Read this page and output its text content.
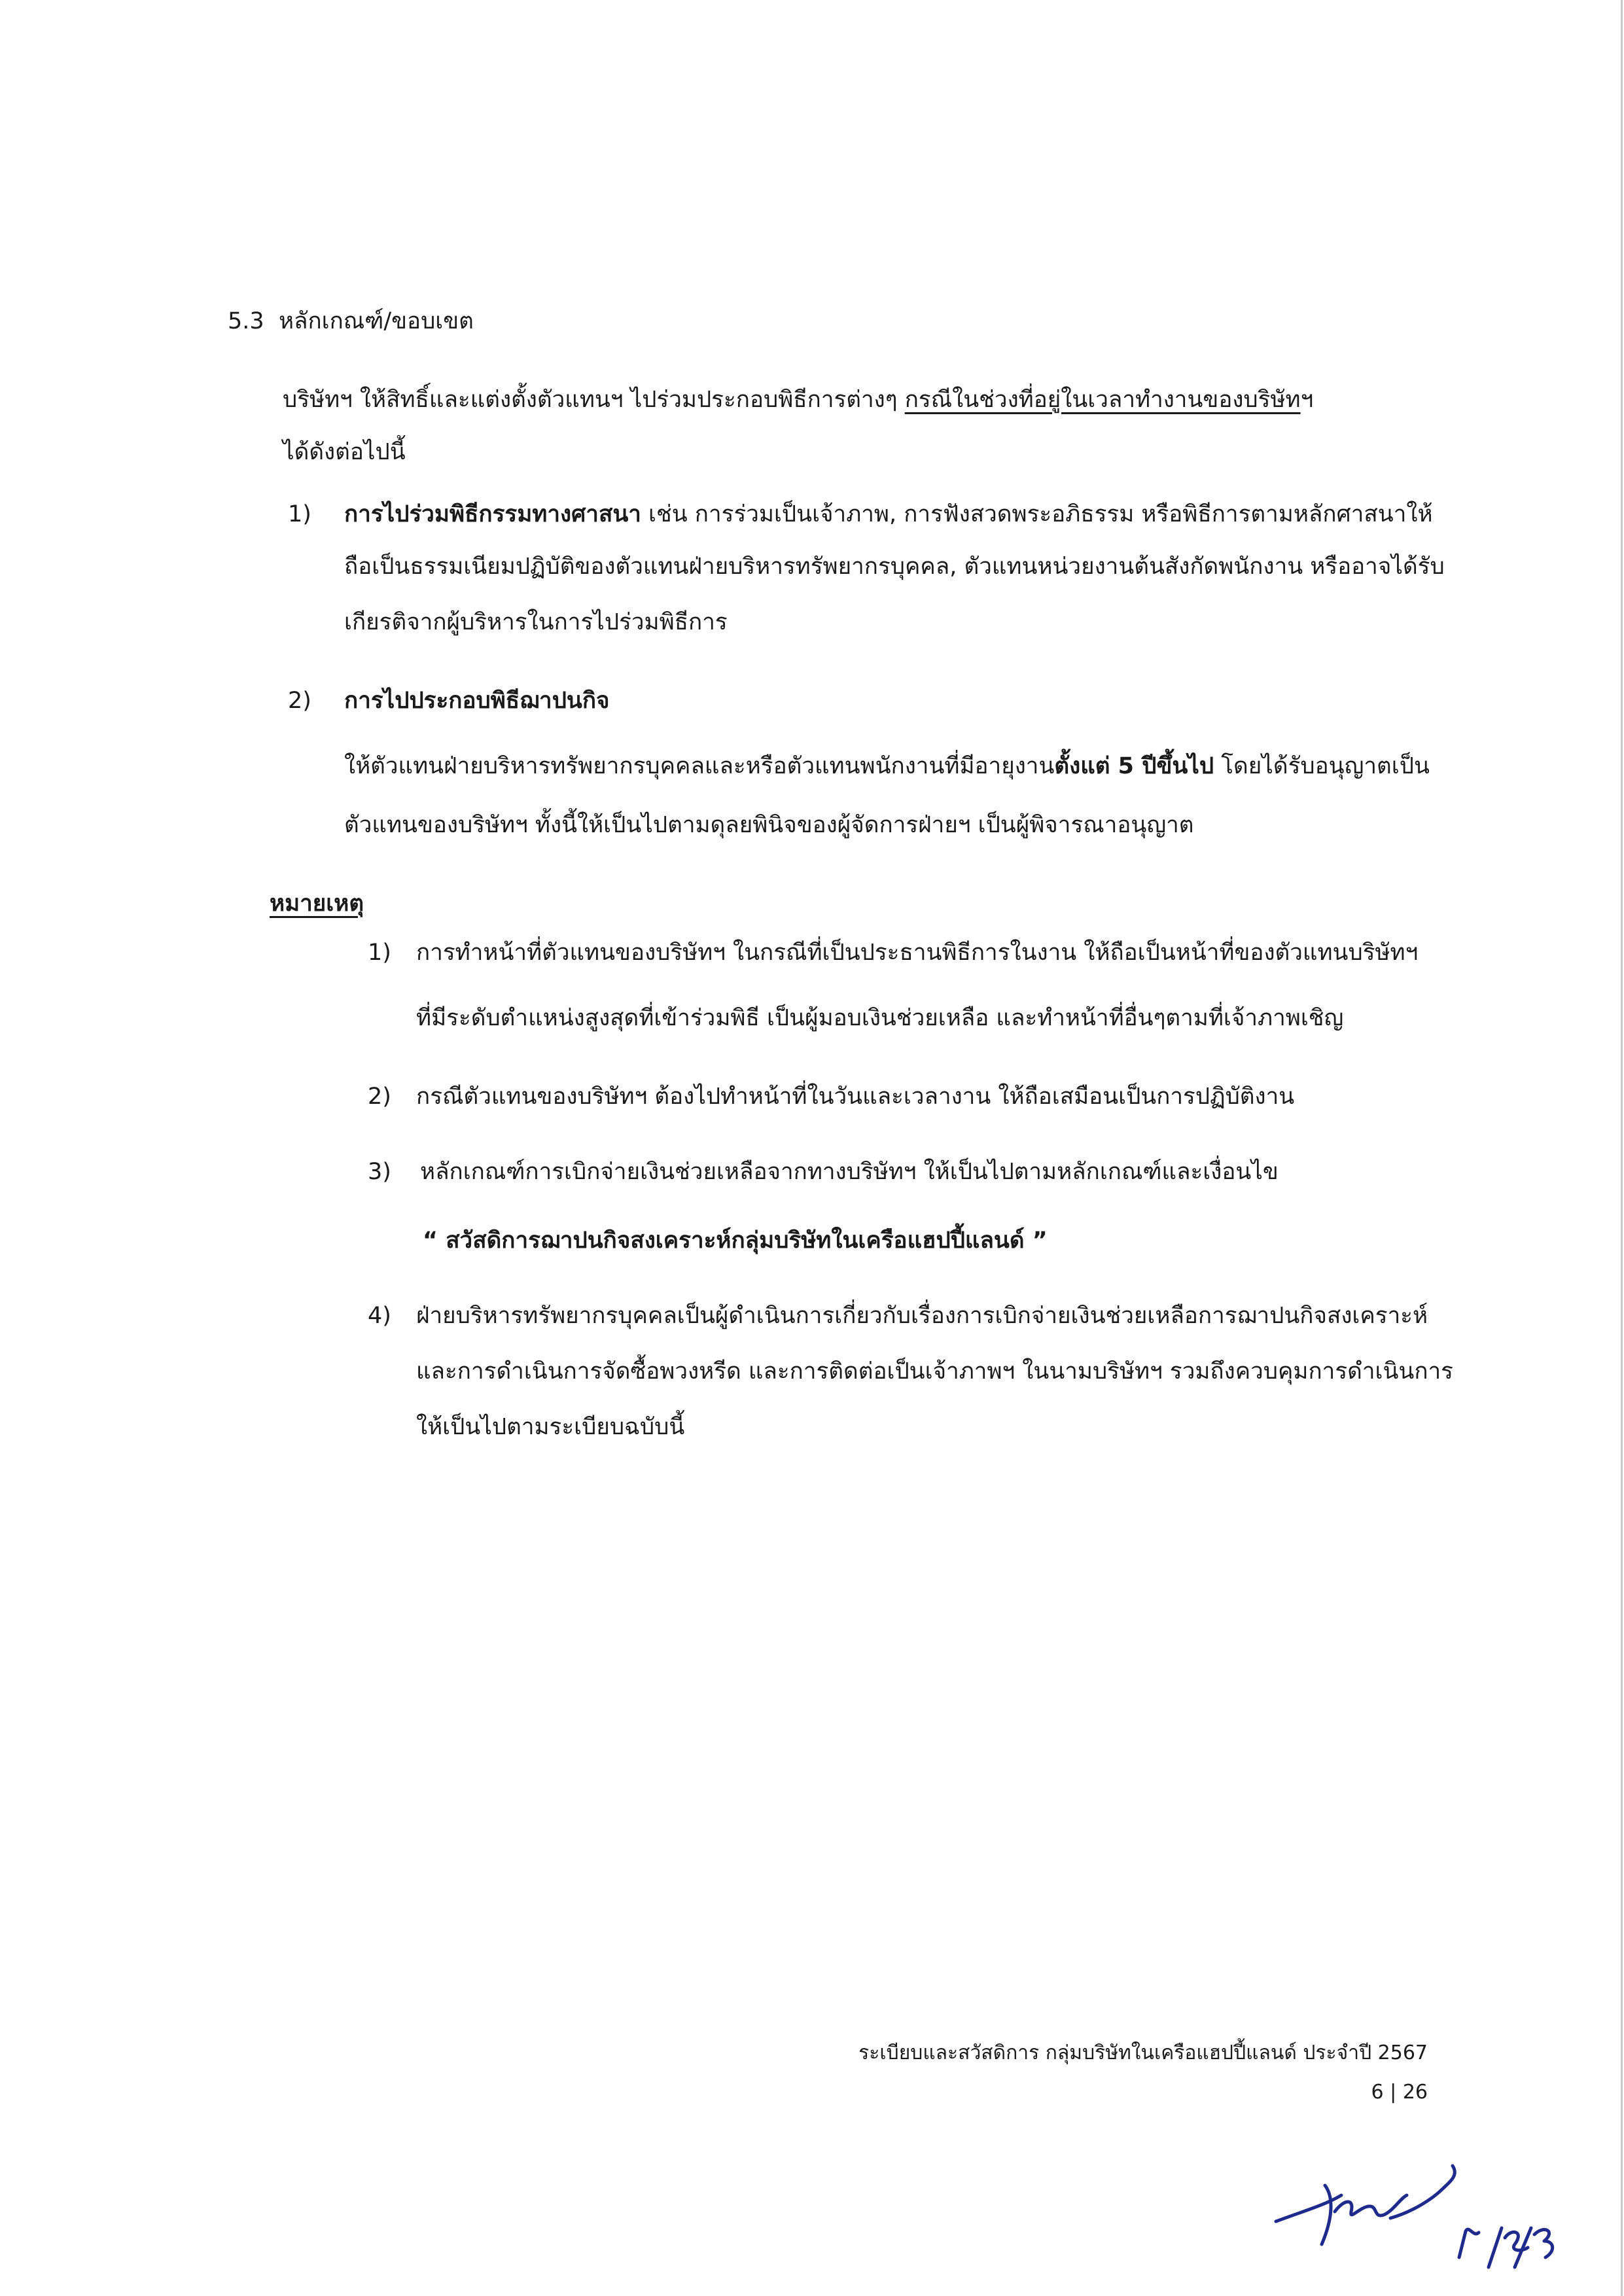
5.3 หลักเกณฑ์/ขอบเขต
บริษัทฯ ให้สิทธิ์และแต่งตั้งตัวแทนฯ ไปร่วมประกอบพิธีการต่างๆ กรณีในช่วงที่อยู่ในเวลาทำงานของบริษัทฯ
ได้ดังต่อไปนี้
1) การไปร่วมพิธีกรรมทางศาสนา เช่น การร่วมเป็นเจ้าภาพ, การฟังสวดพระอภิธรรม หรือพิธีการตามหลักศาสนาให้
ถือเป็นธรรมเนียมปฏิบัติของตัวแทนฝ่ายบริหารทรัพยากรบุคคล, ตัวแทนหน่วยงานต้นสังกัดพนักงาน หรืออาจได้รับ
เกียรติจากผู้บริหารในการไปร่วมพิธีการ
2) การไปประกอบพิธีฌาปนกิจ
ให้ตัวแทนฝ่ายบริหารทรัพยากรบุคคลและหรือตัวแทนพนักงานที่มีอายุงานตั้งแต่ 5 ปีขึ้นไป โดยได้รับอนุญาตเป็น
ตัวแทนของบริษัทฯ ทั้งนี้ให้เป็นไปตามดุลยพินิจของผู้จัดการฝ่ายฯ เป็นผู้พิจารณาอนุญาต
หมายเหตุ
1) การทำหน้าที่ตัวแทนของบริษัทฯ ในกรณีที่เป็นประธานพิธีการในงาน ให้ถือเป็นหน้าที่ของตัวแทนบริษัทฯ
ที่มีระดับตำแหน่งสูงสุดที่เข้าร่วมพิธี เป็นผู้มอบเงินช่วยเหลือ และทำหน้าที่อื่นๆตามที่เจ้าภาพเชิญ
2) กรณีตัวแทนของบริษัทฯ ต้องไปทำหน้าที่ในวันและเวลางาน ให้ถือเสมือนเป็นการปฏิบัติงาน
3) หลักเกณฑ์การเบิกจ่ายเงินช่วยเหลือจากทางบริษัทฯ ให้เป็นไปตามหลักเกณฑ์และเงื่อนไข
“ สวัสดิการฌาปนกิจสงเคราะห์กลุ่มบริษัทในเครือแฮปปี้แลนด์ ”
4) ฝ่ายบริหารทรัพยากรบุคคลเป็นผู้ดำเนินการเกี่ยวกับเรื่องการเบิกจ่ายเงินช่วยเหลือการฌาปนกิจสงเคราะห์
และการดำเนินการจัดซื้อพวงหรีด และการติดต่อเป็นเจ้าภาพฯ ในนามบริษัทฯ รวมถึงควบคุมการดำเนินการ
ให้เป็นไปตามระเบียบฉบับนี้
ระเบียบและสวัสดิการ กลุ่มบริษัทในเครือแฮปปี้แลนด์ ประจำปี 2567
6 | 26
